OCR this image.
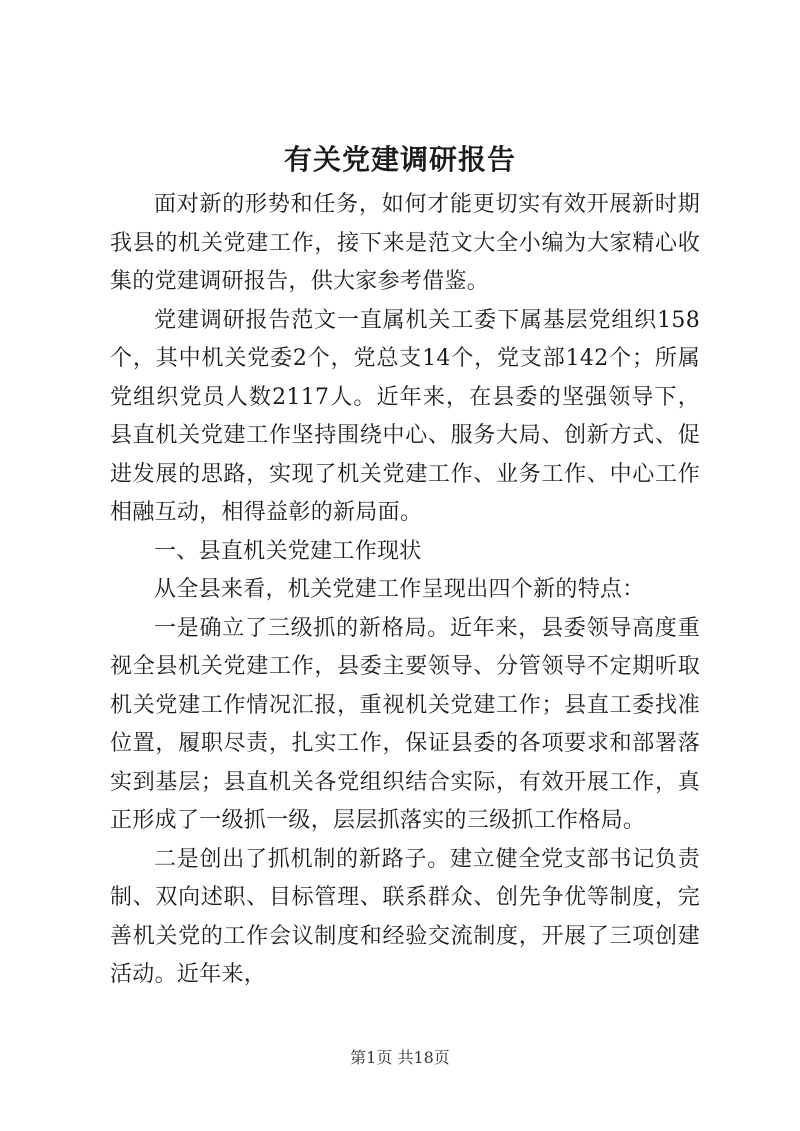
有关党建调研报告

面对新的形势和任务，如何才能更切实有效开展新时期我县的机关党建工作，接下来是范文大全小编为大家精心收集的党建调研报告，供大家参考借鉴。

党建调研报告范文一直属机关工委下属基层党组织158个，其中机关党委2个，党总支14个，党支部142个；所属党组织党员人数2117人。近年来，在县委的坚强领导下，县直机关党建工作坚持围绕中心、服务大局、创新方式、促进发展的思路，实现了机关党建工作、业务工作、中心工作相融互动，相得益彰的新局面。

一、县直机关党建工作现状

从全县来看，机关党建工作呈现出四个新的特点：

一是确立了三级抓的新格局。近年来，县委领导高度重视全县机关党建工作，县委主要领导、分管领导不定期听取机关党建工作情况汇报，重视机关党建工作；县直工委找准位置，履职尽责，扎实工作，保证县委的各项要求和部署落实到基层；县直机关各党组织结合实际，有效开展工作，真正形成了一级抓一级，层层抓落实的三级抓工作格局。

二是创出了抓机制的新路子。建立健全党支部书记负责制、双向述职、目标管理、联系群众、创先争优等制度，完善机关党的工作会议制度和经验交流制度，开展了三项创建活动。近年来，

第1页 共18页
